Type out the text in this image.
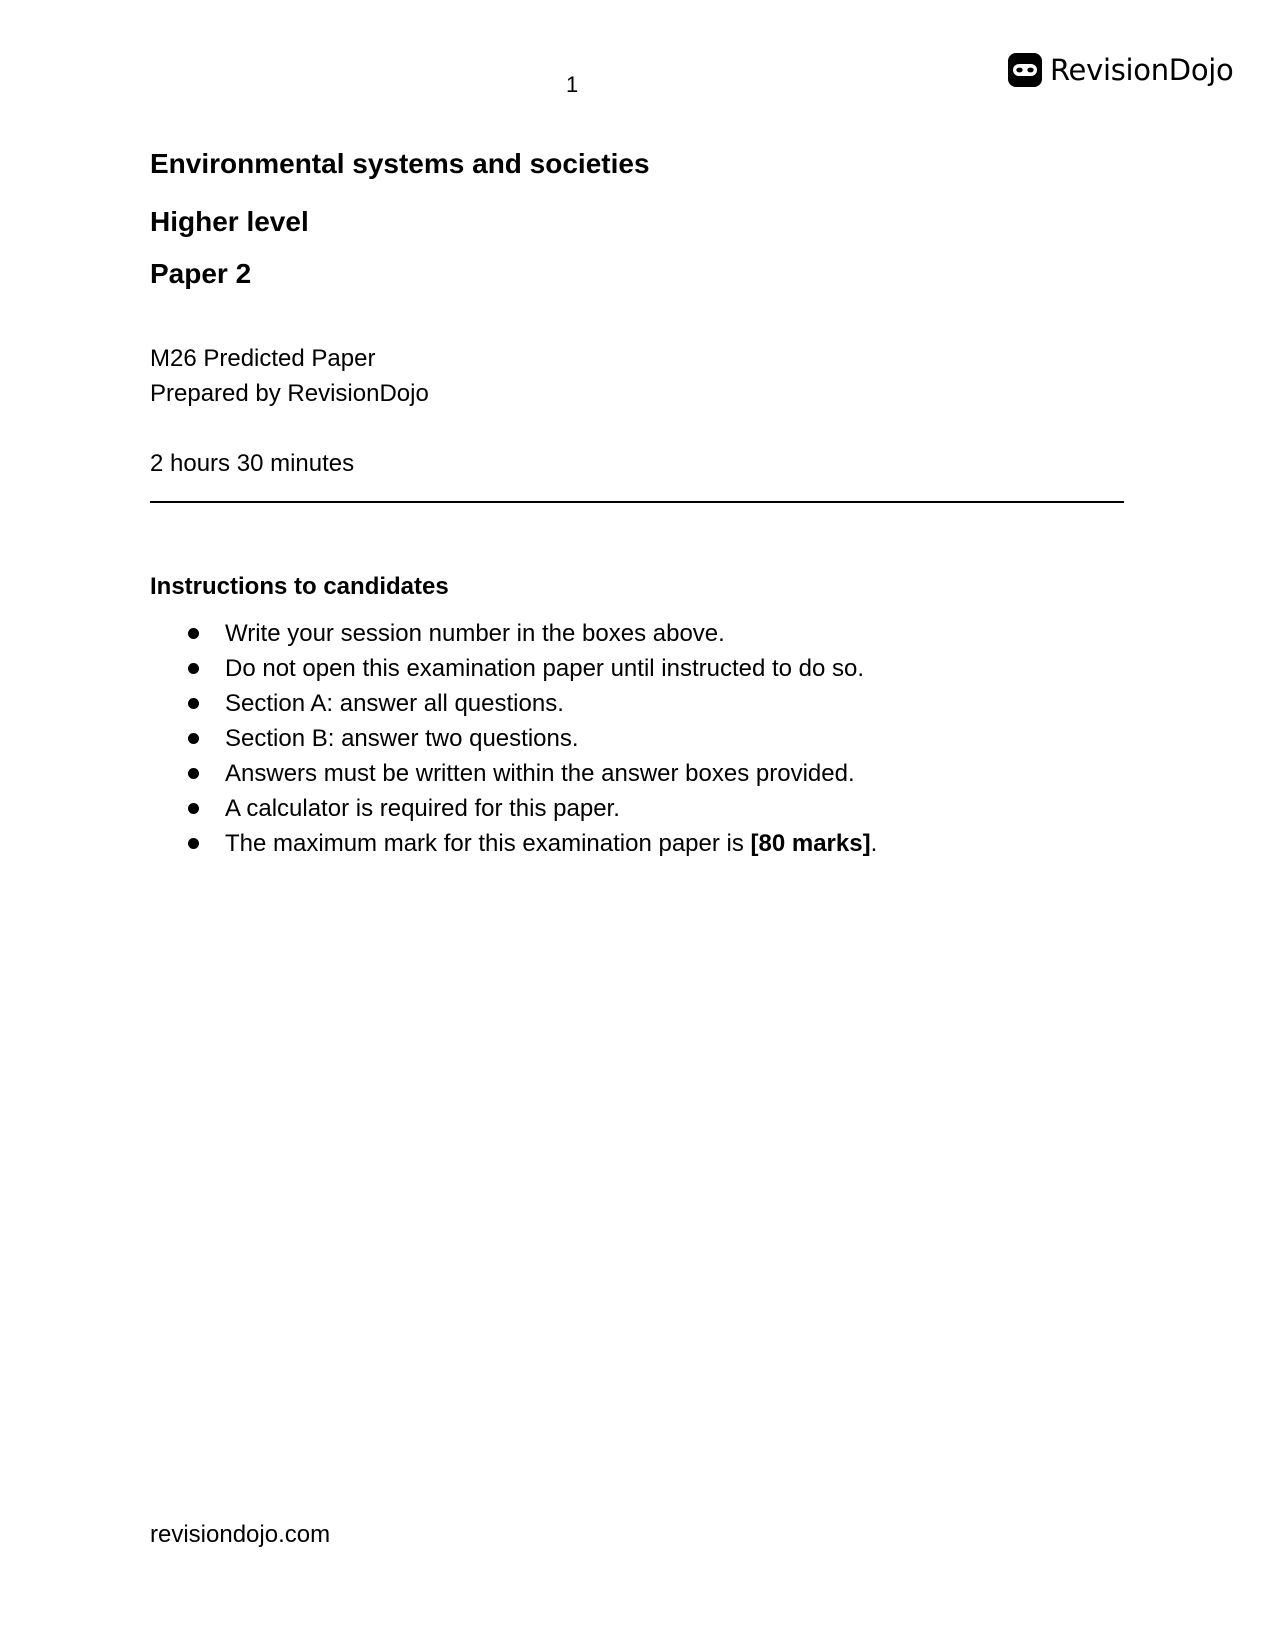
1	RevisionDojo
Environmental systems and societies
Higher level
Paper 2
M26 Predicted Paper
Prepared by RevisionDojo
2 hours 30 minutes
Instructions to candidates
Write your session number in the boxes above.
Do not open this examination paper until instructed to do so.
Section A: answer all questions.
Section B: answer two questions.
Answers must be written within the answer boxes provided.
A calculator is required for this paper.
The maximum mark for this examination paper is [80 marks].
revisiondojo.com
